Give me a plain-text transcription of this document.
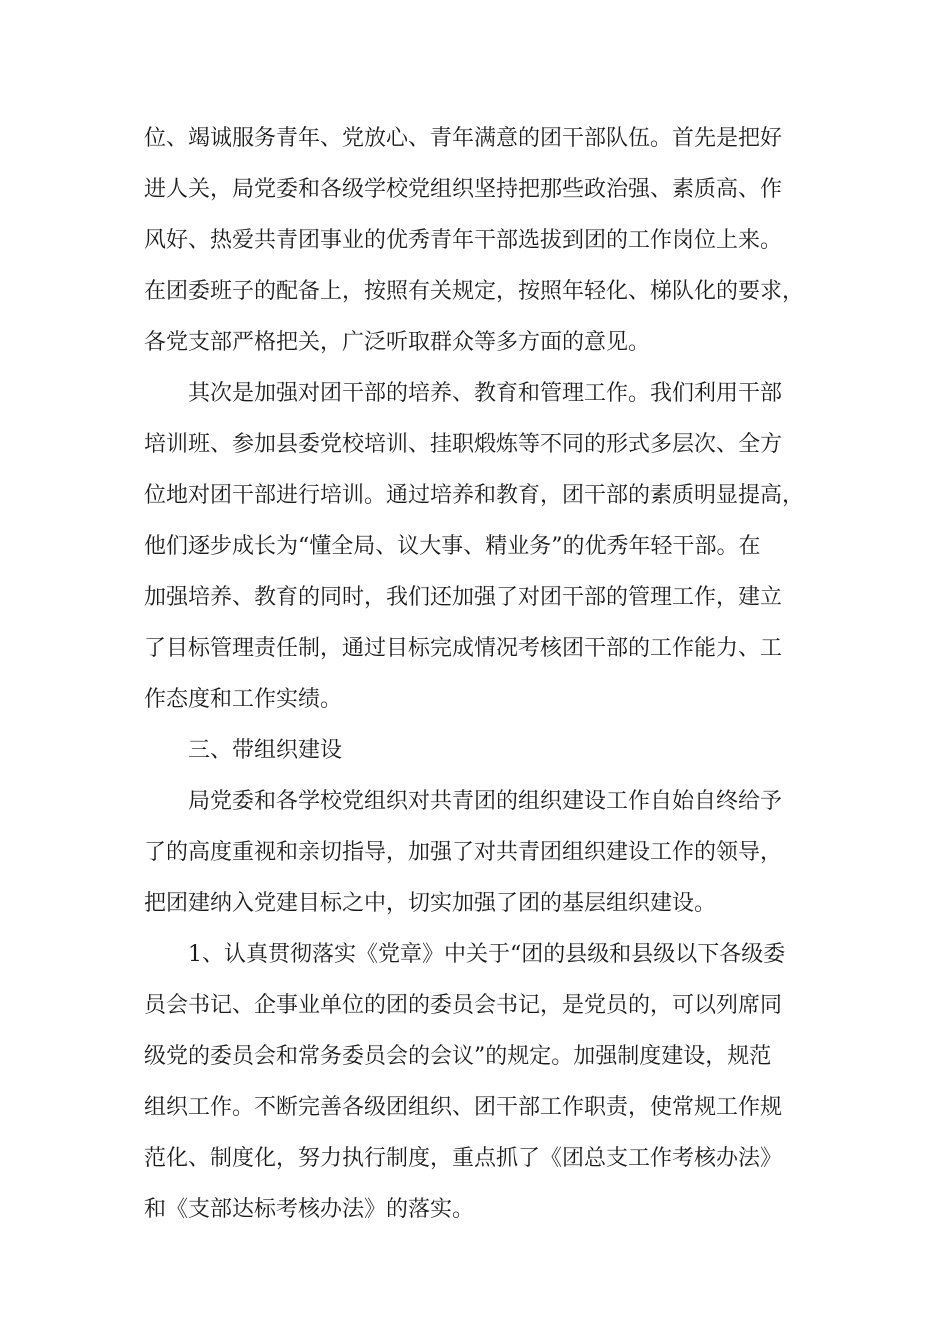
位、竭诚服务青年、党放心、青年满意的团干部队伍。首先是把好

进人关，局党委和各级学校党组织坚持把那些政治强、素质高、作

风好、热爱共青团事业的优秀青年干部选拔到团的工作岗位上来。

在团委班子的配备上，按照有关规定，按照年轻化、梯队化的要求，

各党支部严格把关，广泛听取群众等多方面的意见。

其次是加强对团干部的培养、教育和管理工作。我们利用干部

培训班、参加县委党校培训、挂职煅炼等不同的形式多层次、全方

位地对团干部进行培训。通过培养和教育，团干部的素质明显提高，

他们逐步成长为“懂全局、议大事、精业务”的优秀年轻干部。在

加强培养、教育的同时，我们还加强了对团干部的管理工作，建立

了目标管理责任制，通过目标完成情况考核团干部的工作能力、工

作态度和工作实绩。

三、带组织建设

局党委和各学校党组织对共青团的组织建设工作自始自终给予

了的高度重视和亲切指导，加强了对共青团组织建设工作的领导，

把团建纳入党建目标之中，切实加强了团的基层组织建设。

1、认真贯彻落实《党章》中关于“团的县级和县级以下各级委

员会书记、企事业单位的团的委员会书记，是党员的，可以列席同

级党的委员会和常务委员会的会议”的规定。加强制度建设，规范

组织工作。不断完善各级团组织、团干部工作职责，使常规工作规

范化、制度化，努力执行制度，重点抓了《团总支工作考核办法》

和《支部达标考核办法》的落实。
